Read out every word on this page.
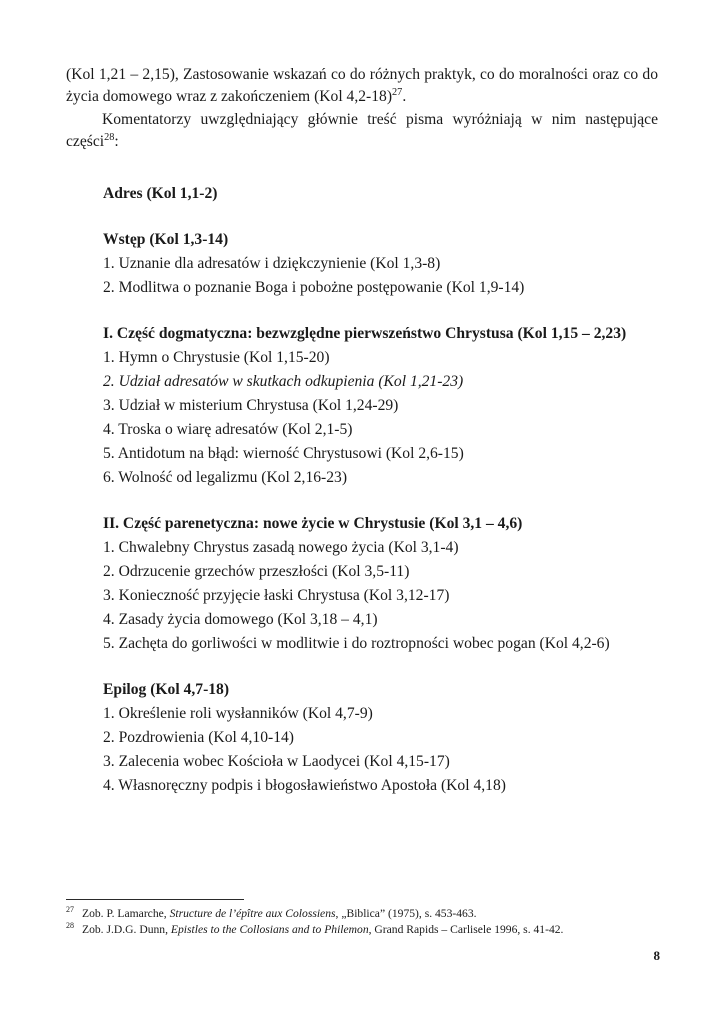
(Kol 1,21 – 2,15), Zastosowanie wskazań co do różnych praktyk, co do moralności oraz co do życia domowego wraz z zakończeniem (Kol 4,2-18)$^{27}$.

Komentatorzy uwzględniający głównie treść pisma wyróżniają w nim następujące części$^{28}$:

Adres (Kol 1,1-2)
Wstęp (Kol 1,3-14)
1. Uznanie dla adresatów i dziękczynienie (Kol 1,3-8)
2. Modlitwa o poznanie Boga i pobożne postępowanie (Kol 1,9-14)
I. Część dogmatyczna: bezwzględne pierwszeństwo Chrystusa (Kol 1,15 – 2,23)
1. Hymn o Chrystusie (Kol 1,15-20)
2. Udział adresatów w skutkach odkupienia (Kol 1,21-23)
3. Udział w misterium Chrystusa (Kol 1,24-29)
4. Troska o wiarę adresatów (Kol 2,1-5)
5. Antidotum na błąd: wierność Chrystusowi (Kol 2,6-15)
6. Wolność od legalizmu (Kol 2,16-23)
II. Część parenetyczna: nowe życie w Chrystusie (Kol 3,1 – 4,6)
1. Chwalebny Chrystus zasadą nowego życia (Kol 3,1-4)
2. Odrzucenie grzechów przeszłości (Kol 3,5-11)
3. Konieczność przyjęcie łaski Chrystusa (Kol 3,12-17)
4. Zasady życia domowego (Kol 3,18 – 4,1)
5. Zachęta do gorliwości w modlitwie i do roztropności wobec pogan (Kol 4,2-6)
Epilog (Kol 4,7-18)
1. Określenie roli wysłanników (Kol 4,7-9)
2. Pozdrowienia (Kol 4,10-14)
3. Zalecenia wobec Kościoła w Laodycei (Kol 4,15-17)
4. Własnoręczny podpis i błogosławieństwo Apostoła (Kol 4,18)
27 Zob. P. Lamarche, Structure de l’épître aux Colossiens, „Biblica” (1975), s. 453-463.
28 Zob. J.D.G. Dunn, Epistles to the Collosians and to Philemon, Grand Rapids – Carlisele 1996, s. 41-42.
8
